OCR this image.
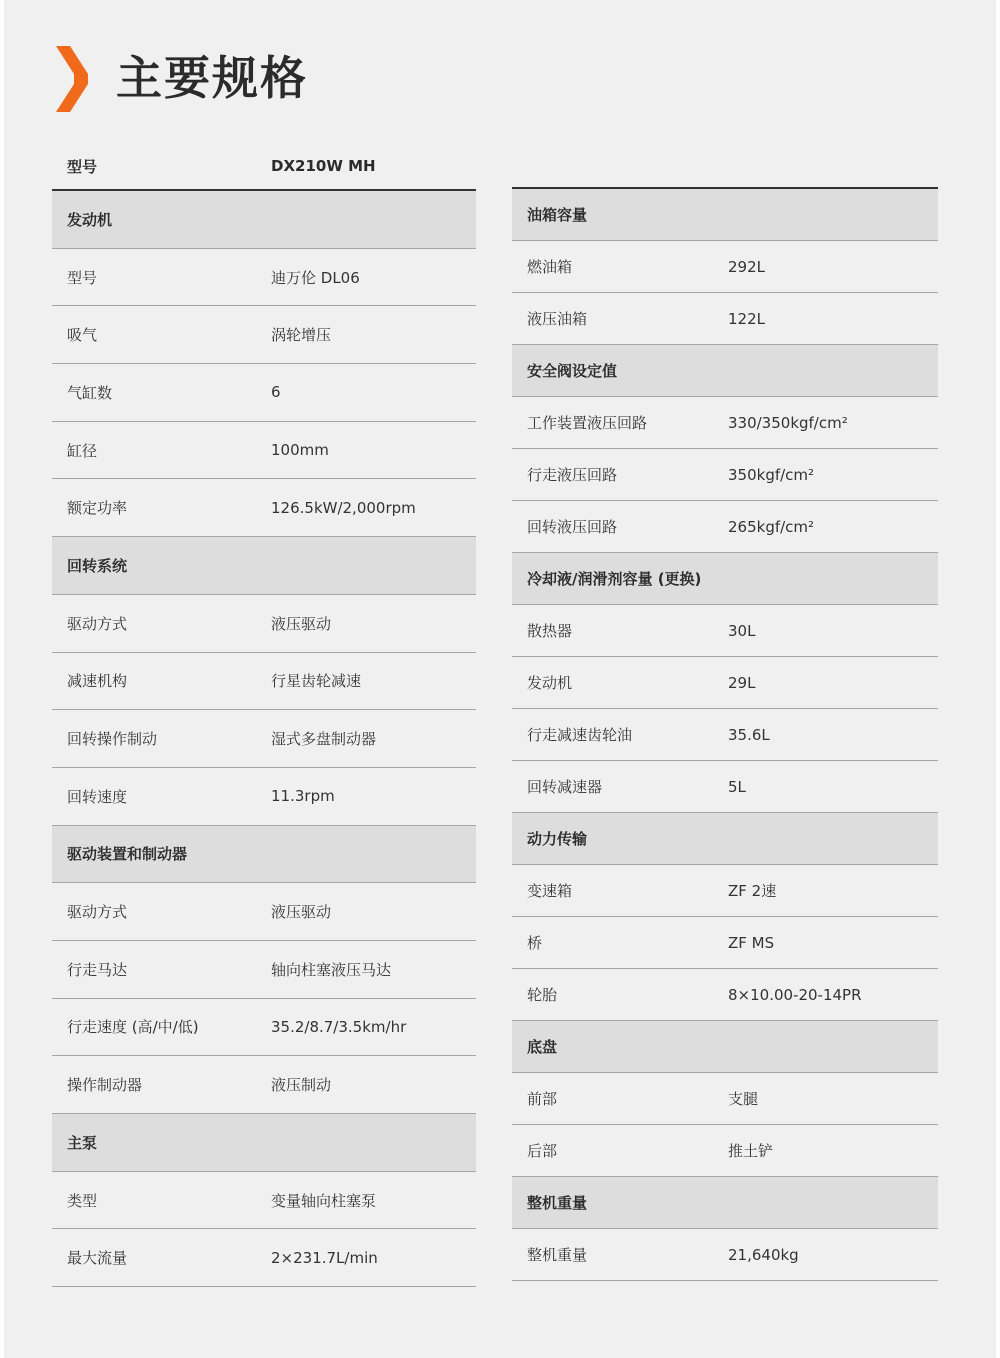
主要规格
型号	DX210W MH
发动机
型号	迪万伦 DL06
吸气	涡轮增压
气缸数	6
缸径	100mm
额定功率	126.5kW/2,000rpm
回转系统
驱动方式	液压驱动
减速机构	行星齿轮减速
回转操作制动	湿式多盘制动器
回转速度	11.3rpm
驱动装置和制动器
驱动方式	液压驱动
行走马达	轴向柱塞液压马达
行走速度 (高/中/低)	35.2/8.7/3.5km/hr
操作制动器	液压制动
主泵
类型	变量轴向柱塞泵
最大流量	2×231.7L/min
油箱容量
燃油箱	292L
液压油箱	122L
安全阀设定值
工作装置液压回路	330/350kgf/cm²
行走液压回路	350kgf/cm²
回转液压回路	265kgf/cm²
冷却液/润滑剂容量 (更换)
散热器	30L
发动机	29L
行走减速齿轮油	35.6L
回转减速器	5L
动力传输
变速箱	ZF 2速
桥	ZF MS
轮胎	8×10.00-20-14PR
底盘
前部	支腿
后部	推土铲
整机重量
整机重量	21,640kg
